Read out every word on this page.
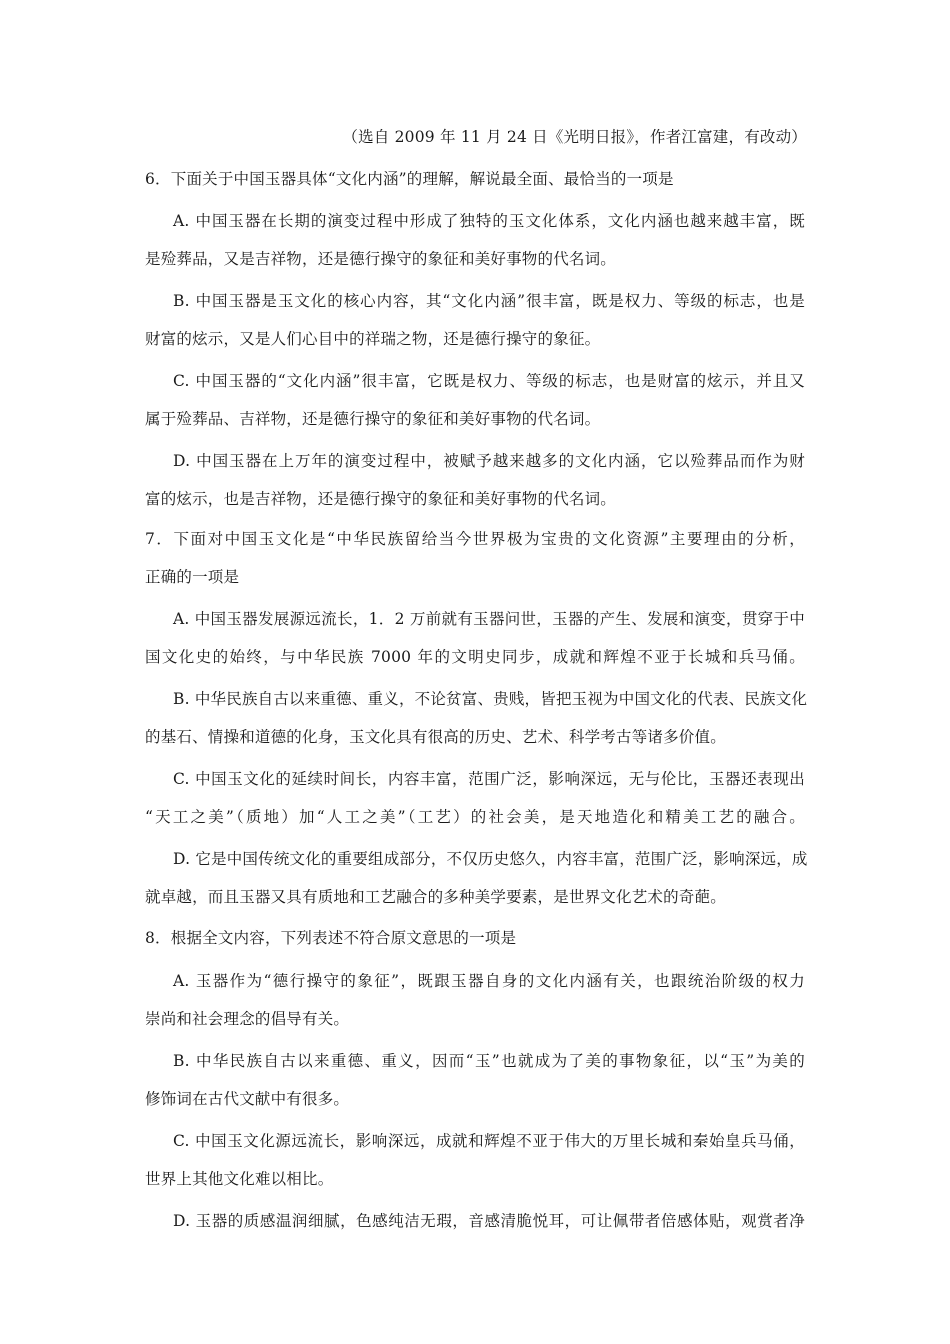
（选自 2009 年 11 月 24 日《光明日报》，作者江富建，有改动）
6．下面关于中国玉器具体“文化内涵”的理解，解说最全面、最恰当的一项是
A. 中国玉器在长期的演变过程中形成了独特的玉文化体系，文化内涵也越来越丰富，既
是殓葬品，又是吉祥物，还是德行操守的象征和美好事物的代名词。
B. 中国玉器是玉文化的核心内容，其“文化内涵”很丰富，既是权力、等级的标志，也是
财富的炫示，又是人们心目中的祥瑞之物，还是德行操守的象征。
C. 中国玉器的“文化内涵”很丰富，它既是权力、等级的标志，也是财富的炫示，并且又
属于殓葬品、吉祥物，还是德行操守的象征和美好事物的代名词。
D. 中国玉器在上万年的演变过程中，被赋予越来越多的文化内涵，它以殓葬品而作为财
富的炫示，也是吉祥物，还是德行操守的象征和美好事物的代名词。
7．下面对中国玉文化是“中华民族留给当今世界极为宝贵的文化资源”主要理由的分析，
正确的一项是
A. 中国玉器发展源远流长，1．2 万前就有玉器问世，玉器的产生、发展和演变，贯穿于中
国文化史的始终，与中华民族 7000 年的文明史同步，成就和辉煌不亚于长城和兵马俑。
B. 中华民族自古以来重德、重义，不论贫富、贵贱，皆把玉视为中国文化的代表、民族文化
的基石、情操和道德的化身，玉文化具有很高的历史、艺术、科学考古等诸多价值。
C. 中国玉文化的延续时间长，内容丰富，范围广泛，影响深远，无与伦比，玉器还表现出
“天工之美”（质地）加“人工之美”（工艺）的社会美，是天地造化和精美工艺的融合。
D. 它是中国传统文化的重要组成部分，不仅历史悠久，内容丰富，范围广泛，影响深远，成
就卓越，而且玉器又具有质地和工艺融合的多种美学要素，是世界文化艺术的奇葩。
8．根据全文内容，下列表述不符合原文意思的一项是
A. 玉器作为“德行操守的象征”，既跟玉器自身的文化内涵有关，也跟统治阶级的权力
崇尚和社会理念的倡导有关。
B. 中华民族自古以来重德、重义，因而“玉”也就成为了美的事物象征，以“玉”为美的
修饰词在古代文献中有很多。
C. 中国玉文化源远流长，影响深远，成就和辉煌不亚于伟大的万里长城和秦始皇兵马俑，
世界上其他文化难以相比。
D. 玉器的质感温润细腻，色感纯洁无瑕，音感清脆悦耳，可让佩带者倍感体贴，观赏者净
